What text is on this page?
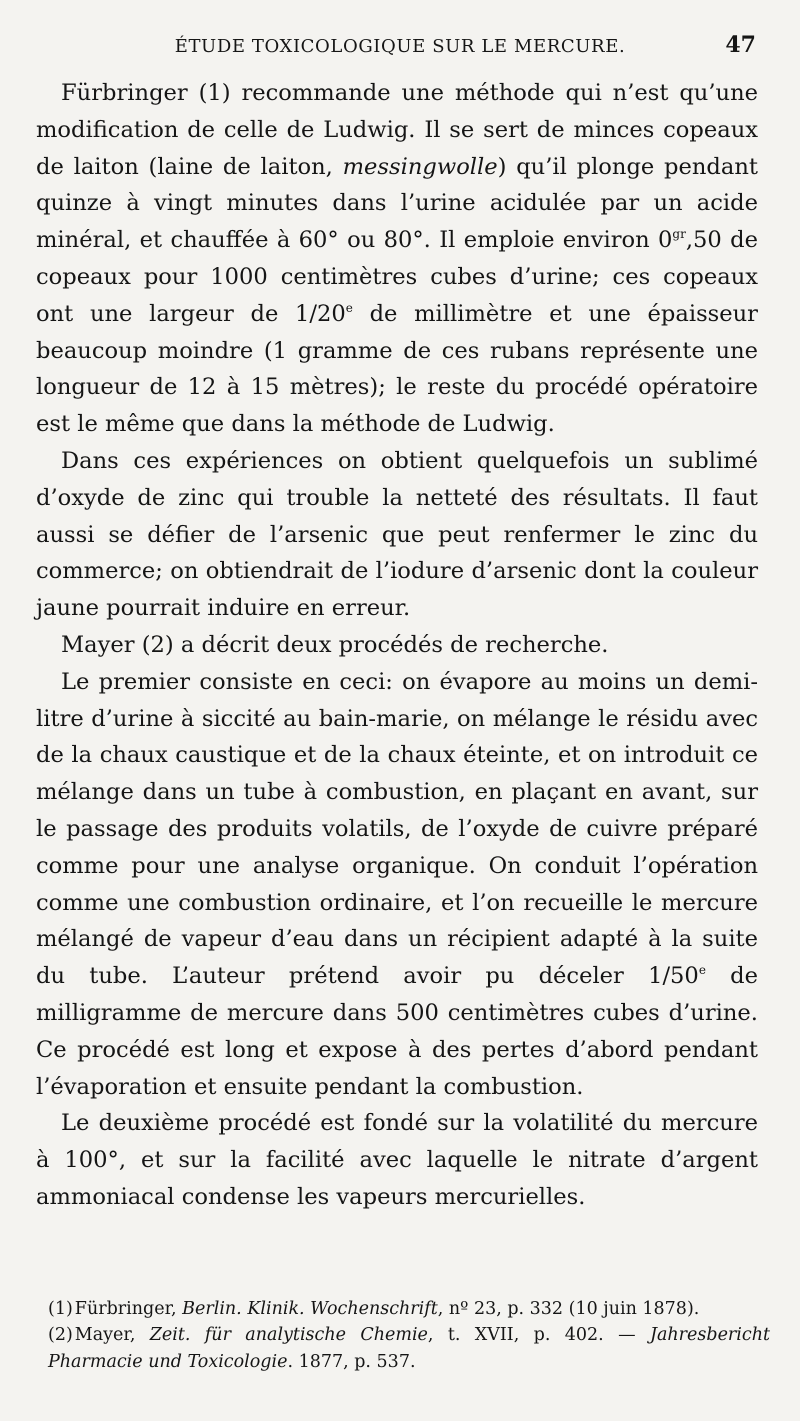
ÉTUDE TOXICOLOGIQUE SUR LE MERCURE.	47

Fürbringer (1) recommande une méthode qui n’est qu’une modification de celle de Ludwig. Il se sert de minces copeaux de laiton (laine de laiton, messingwolle) qu’il plonge pendant quinze à vingt minutes dans l’urine acidulée par un acide minéral, et chauffée à 60° ou 80°. Il emploie environ $0^{gr},50$ de copeaux pour 1000 centimètres cubes d’urine; ces copeaux ont une largeur de 1/20e de millimètre et une épaisseur beaucoup moindre (1 gramme de ces rubans représente une longueur de 12 à 15 mètres); le reste du procédé opératoire est le même que dans la méthode de Ludwig.

Dans ces expériences on obtient quelquefois un sublimé d’oxyde de zinc qui trouble la netteté des résultats. Il faut aussi se défier de l’arsenic que peut renfermer le zinc du commerce; on obtiendrait de l’iodure d’arsenic dont la couleur jaune pourrait induire en erreur.

Mayer (2) a décrit deux procédés de recherche.

Le premier consiste en ceci: on évapore au moins un demi-litre d’urine à siccité au bain-marie, on mélange le résidu avec de la chaux caustique et de la chaux éteinte, et on introduit ce mélange dans un tube à combustion, en plaçant en avant, sur le passage des produits volatils, de l’oxyde de cuivre préparé comme pour une analyse organique. On conduit l’opération comme une combustion ordinaire, et l’on recueille le mercure mélangé de vapeur d’eau dans un récipient adapté à la suite du tube. L’auteur prétend avoir pu déceler 1/50e de milligramme de mercure dans 500 centimètres cubes d’urine. Ce procédé est long et expose à des pertes d’abord pendant l’évaporation et ensuite pendant la combustion.

Le deuxième procédé est fondé sur la volatilité du mercure à 100°, et sur la facilité avec laquelle le nitrate d’argent ammoniacal condense les vapeurs mercurielles.

(1) Fürbringer, Berlin. Klinik. Wochenschrift, nº 23, p. 332 (10 juin 1878).

(2) Mayer, Zeit. für analytische Chemie, t. XVII, p. 402. — Jahresbericht Pharmacie und Toxicologie. 1877, p. 537.
